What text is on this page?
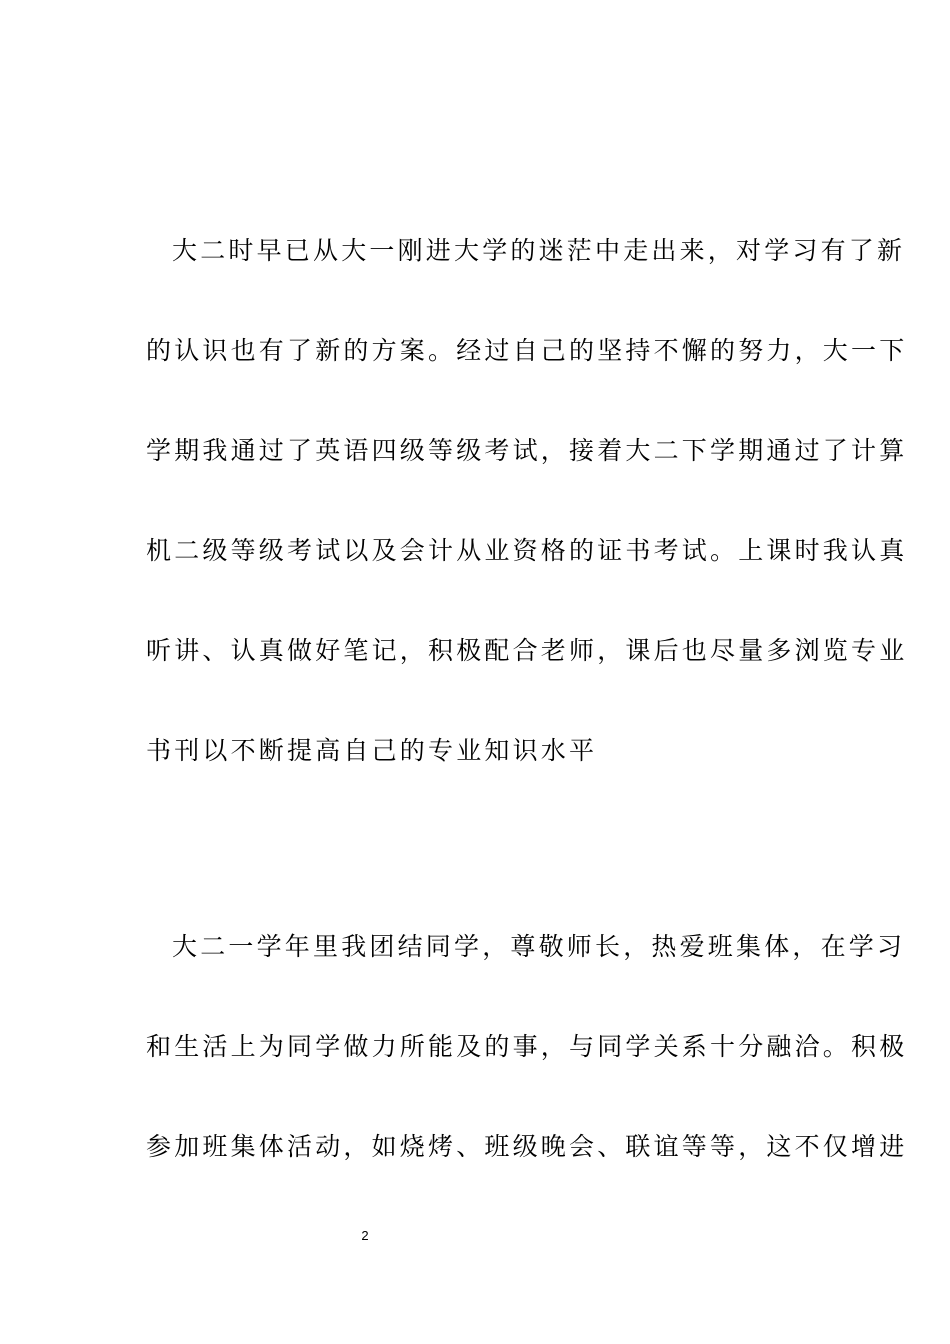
大二时早已从大一刚进大学的迷茫中走出来，对学习有了新
的认识也有了新的方案。经过自己的坚持不懈的努力，大一下
学期我通过了英语四级等级考试，接着大二下学期通过了计算
机二级等级考试以及会计从业资格的证书考试。上课时我认真
听讲、认真做好笔记，积极配合老师，课后也尽量多浏览专业
书刊以不断提高自己的专业知识水平
大二一学年里我团结同学，尊敬师长，热爱班集体，在学习
和生活上为同学做力所能及的事，与同学关系十分融洽。积极
参加班集体活动，如烧烤、班级晚会、联谊等等，这不仅增进
2
